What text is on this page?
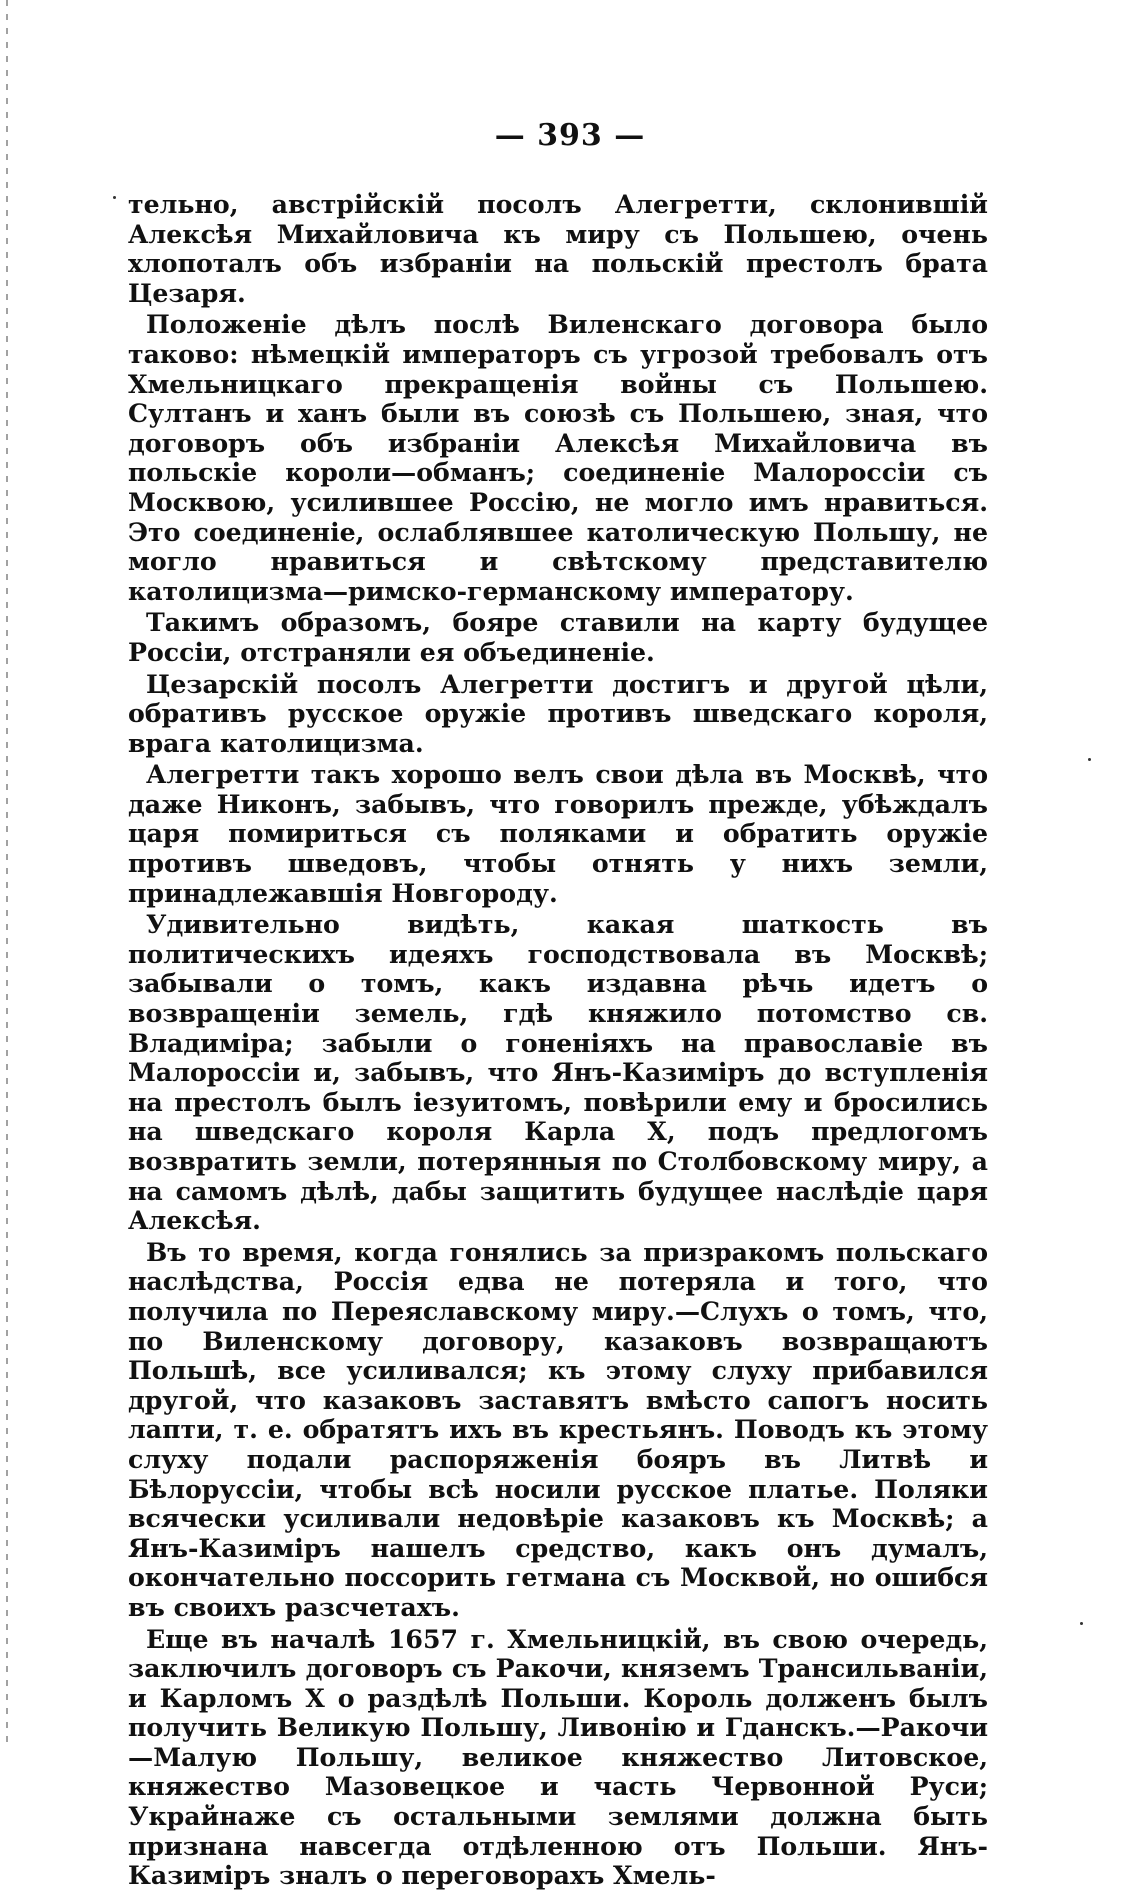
— 393 —

тельно, австрійскій посолъ Алегретти, склонившій Алексѣя Михайловича къ миру съ Польшею, очень хлопоталъ объ избраніи на польскій престолъ брата Цезаря.

Положеніе дѣлъ послѣ Виленскаго договора было таково: нѣмецкій императоръ съ угрозой требовалъ отъ Хмельницкаго прекращенія войны съ Польшею. Султанъ и ханъ были въ союзѣ съ Польшею, зная, что договоръ объ избраніи Алексѣя Михайловича въ польскіе короли—обманъ; соединеніе Малороссіи съ Москвою, усилившее Россію, не могло имъ нравиться. Это соединеніе, ослаблявшее католическую Польшу, не могло нравиться и свѣтскому представителю католицизма—римско-германскому императору.

Такимъ образомъ, бояре ставили на карту будущее Россіи, отстраняли ея объединеніе.

Цезарскій посолъ Алегретти достигъ и другой цѣли, обративъ русское оружіе противъ шведскаго короля, врага католицизма.

Алегретти такъ хорошо велъ свои дѣла въ Москвѣ, что даже Никонъ, забывъ, что говорилъ прежде, убѣждалъ царя помириться съ поляками и обратить оружіе противъ шведовъ, чтобы отнять у нихъ земли, принадлежавшія Новгороду.

Удивительно видѣть, какая шаткость въ политическихъ идеяхъ господствовала въ Москвѣ; забывали о томъ, какъ издавна рѣчь идетъ о возвращеніи земель, гдѣ княжило потомство св. Владиміра; забыли о гоненіяхъ на православіе въ Малороссіи и, забывъ, что Янъ-Казиміръ до вступленія на престолъ былъ іезуитомъ, повѣрили ему и бросились на шведскаго короля Карла X, подъ предлогомъ возвратить земли, потерянныя по Столбовскому миру, а на самомъ дѣлѣ, дабы защитить будущее наслѣдіе царя Алексѣя.

Въ то время, когда гонялись за призракомъ польскаго наслѣдства, Россія едва не потеряла и того, что получила по Переяславскому миру.—Слухъ о томъ, что, по Виленскому договору, казаковъ возвращаютъ Польшѣ, все усиливался; къ этому слуху прибавился другой, что казаковъ заставятъ вмѣсто сапогъ носить лапти, т. е. обратятъ ихъ въ крестьянъ. Поводъ къ этому слуху подали распоряженія бояръ въ Литвѣ и Бѣлоруссіи, чтобы всѣ носили русское платье. Поляки всячески усиливали недовѣріе казаковъ къ Москвѣ; а Янъ-Казиміръ нашелъ средство, какъ онъ думалъ, окончательно поссорить гетмана съ Москвой, но ошибся въ своихъ разсчетахъ.

Еще въ началѣ 1657 г. Хмельницкій, въ свою очередь, заключилъ договоръ съ Ракочи, княземъ Трансильваніи, и Карломъ X о раздѣлѣ Польши. Король долженъ былъ получить Великую Польшу, Ливонію и Гданскъ.—Ракочи—Малую Польшу, великое княжество Литовское, княжество Мазовецкое и часть Червонной Руси; Украйнаже съ остальными землями должна быть признана навсегда отдѣленною отъ Польши. Янъ-Казиміръ зналъ о переговорахъ Хмель-
